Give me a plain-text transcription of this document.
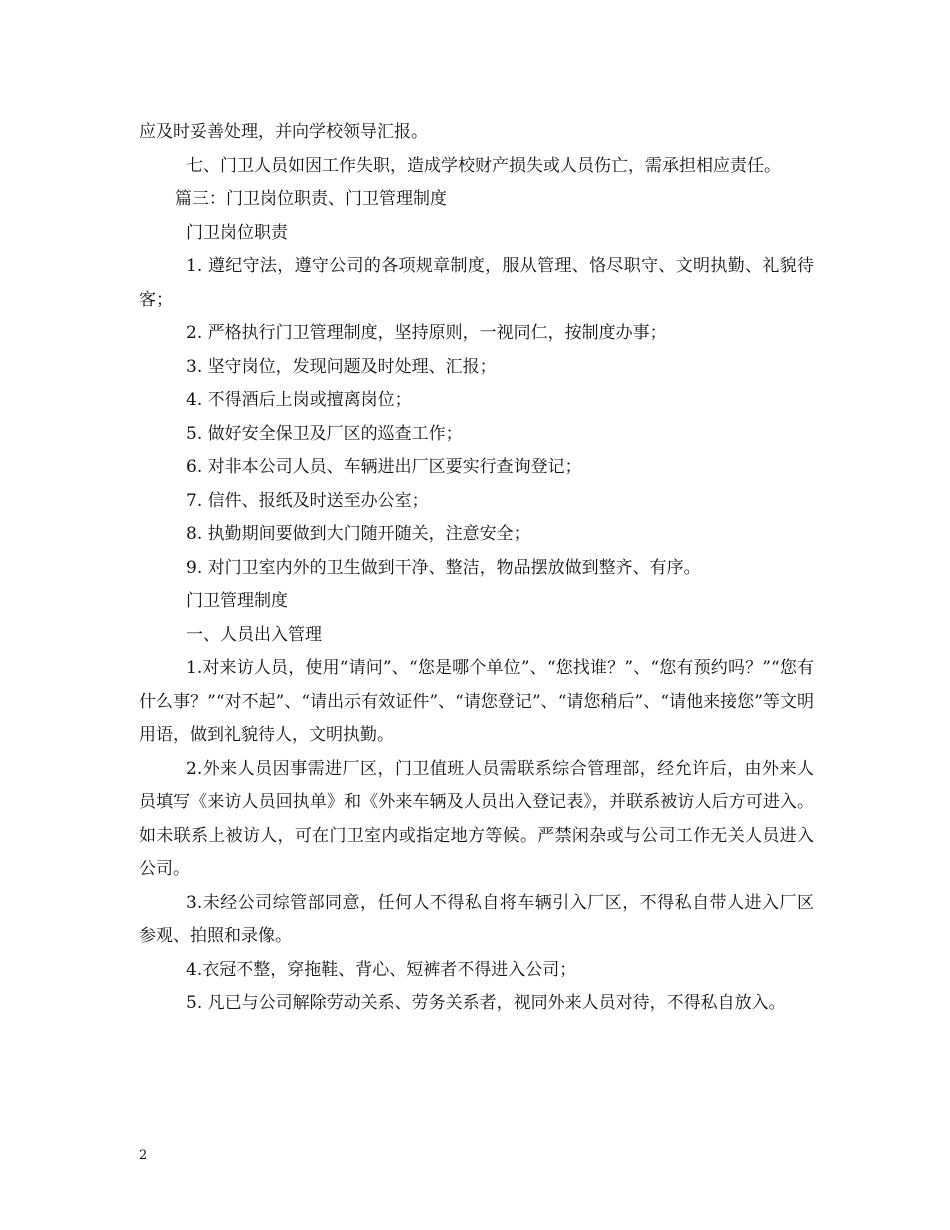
应及时妥善处理，并向学校领导汇报。

七、门卫人员如因工作失职，造成学校财产损失或人员伤亡，需承担相应责任。

篇三：门卫岗位职责、门卫管理制度

门卫岗位职责

1. 遵纪守法，遵守公司的各项规章制度，服从管理、恪尽职守、文明执勤、礼貌待客；

2. 严格执行门卫管理制度，坚持原则，一视同仁，按制度办事；

3. 坚守岗位，发现问题及时处理、汇报；

4. 不得酒后上岗或擅离岗位；

5. 做好安全保卫及厂区的巡查工作；

6. 对非本公司人员、车辆进出厂区要实行查询登记；

7. 信件、报纸及时送至办公室；

8. 执勤期间要做到大门随开随关，注意安全；

9. 对门卫室内外的卫生做到干净、整洁，物品摆放做到整齐、有序。

门卫管理制度

一、人员出入管理

1.对来访人员，使用“请问”、“您是哪个单位”、“您找谁？”、“您有预约吗？”“您有什么事？”“对不起”、“请出示有效证件”、“请您登记”、“请您稍后”、“请他来接您”等文明用语，做到礼貌待人，文明执勤。

2.外来人员因事需进厂区，门卫值班人员需联系综合管理部，经允许后，由外来人员填写《来访人员回执单》和《外来车辆及人员出入登记表》，并联系被访人后方可进入。如未联系上被访人，可在门卫室内或指定地方等候。严禁闲杂或与公司工作无关人员进入公司。

3.未经公司综管部同意，任何人不得私自将车辆引入厂区，不得私自带人进入厂区参观、拍照和录像。

4.衣冠不整，穿拖鞋、背心、短裤者不得进入公司；

5. 凡已与公司解除劳动关系、劳务关系者，视同外来人员对待，不得私自放入。

2
